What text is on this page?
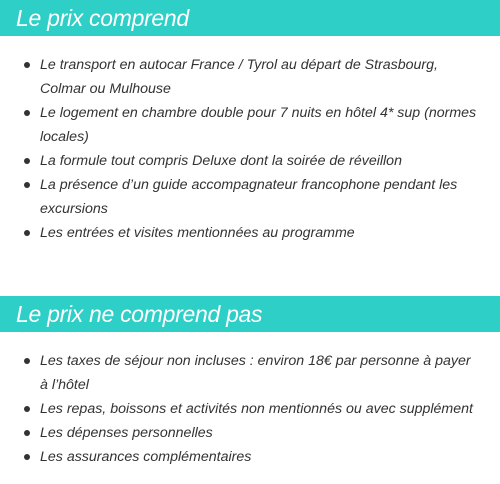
Le prix comprend
Le transport en autocar France / Tyrol au départ de Strasbourg, Colmar ou Mulhouse
Le logement en chambre double pour 7 nuits en hôtel 4* sup (normes locales)
La formule tout compris Deluxe dont la soirée de réveillon
La présence d’un guide accompagnateur francophone pendant les excursions
Les entrées et visites mentionnées au programme
Le prix ne comprend pas
Les taxes de séjour non incluses : environ 18€ par personne à payer à l’hôtel
Les repas, boissons et activités non mentionnés ou avec supplément
Les dépenses personnelles
Les assurances complémentaires
